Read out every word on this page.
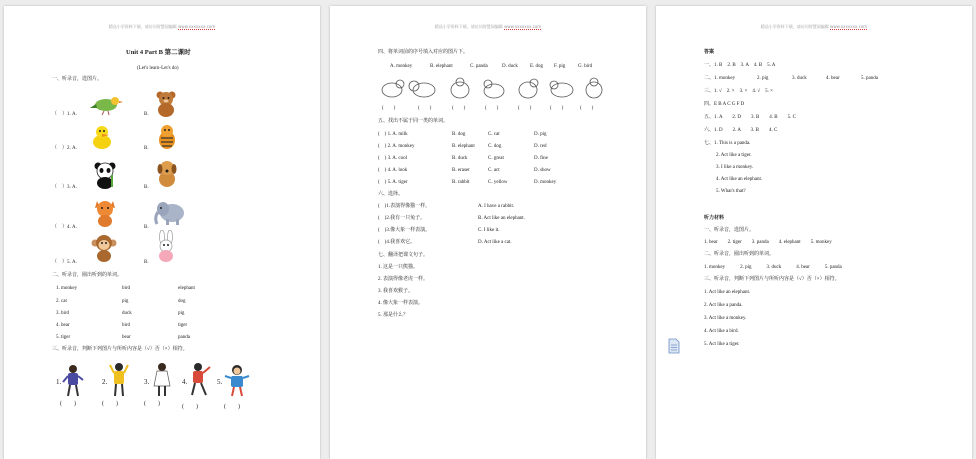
精品小学资料下载，请访问智慧园编辑 www.xxxxxxx.com
Unit 4 Part B 第二课时
(Let's learn-Let's do)
一、听录音，选图片。
（　）1. A.	B.
（　）2. A.	B.
（　）3. A.	B.
（　）4. A.	B.
（　）5. A.	B.
二、听录音，圈出听到的单词。
1. monkey	bird	elephant
2. cat	pig	dog
3. bird	duck	pig
4. bear	bird	tiger
5. tiger	bear	panda
三、听录音，判断下列图片与所听内容是（√）否（×）相符。
1.	2.	3.	4.	5.
(　　)	(　　)	(　　)	(　　)	(　　)
精品小学资料下载，请访问智慧园编辑 www.xxxxxxx.com
四、将单词前的序号填入对应的图片下。
A. monkey	B. elephant	C. panda	D. duck E. dog F. pig	G. bird
(　　)	(　　)	(　　)	(　　)	(　　)	(　　)	(　　)
五、找出不属于同一类的单词。
(　) 1. A. milk	B. dog	C. cat	D. pig
(　) 2. A. monkey	B. elephant	C. dog	D. red
(　) 3. A. cool	B. duck	C. great	D. fine
(　) 4. A. look	B. eraser	C. act	D. show
(　) 5. A. tiger	B. rabbit	C. yellow	D. monkey
六、选择。
(　)1.表演得像猫一样。	A. I have a rabbit.
(　)2.我有一只兔子。	B. Act like an elephant.
(　)3.像大象一样表演。	C. I like it.
(　)4.我喜欢它。	D. Act like a cat.
七、翻译把课文句子。
1. 这是一只熊猫。
2. 表演得像老虎一样。
3. 我喜欢猴子。
4. 像大象一样表演。
5. 那是什么？
精品小学资料下载，请访问智慧园编辑 www.xxxxxxx.com
答案
一、1. B　2. B　3. A　4. B　5. A
二、1. monkey	2. pig	3. duck	4. bear	5. panda
三、1. √　2. ×　3. ×　4. √　5. ×
四、E B A C G F D
五、1. A　　2. D　　3. B　　4. B　　5. C
六、1. D　　2. A　　3. B　　4. C
七、1. This is a panda.
2. Act like a tiger.
3. I like a monkey.
4. Act like an elephant.
5. What's that?
听力材料
一、听录音，选图片。
1. bear　　2. tiger　　3. panda　　4. elephant　　5. monkey
二、听录音，圈出听到的单词。
1. monkey　　　2. pig　　　3. duck　　　4. bear　　　5. panda
三、听录音，判断下列图片与所听内容是（√）否（×）相符。
1. Act like an elephant.
2. Act like a panda.
3. Act like a monkey.
4. Act like a bird.
5. Act like a tiger.
